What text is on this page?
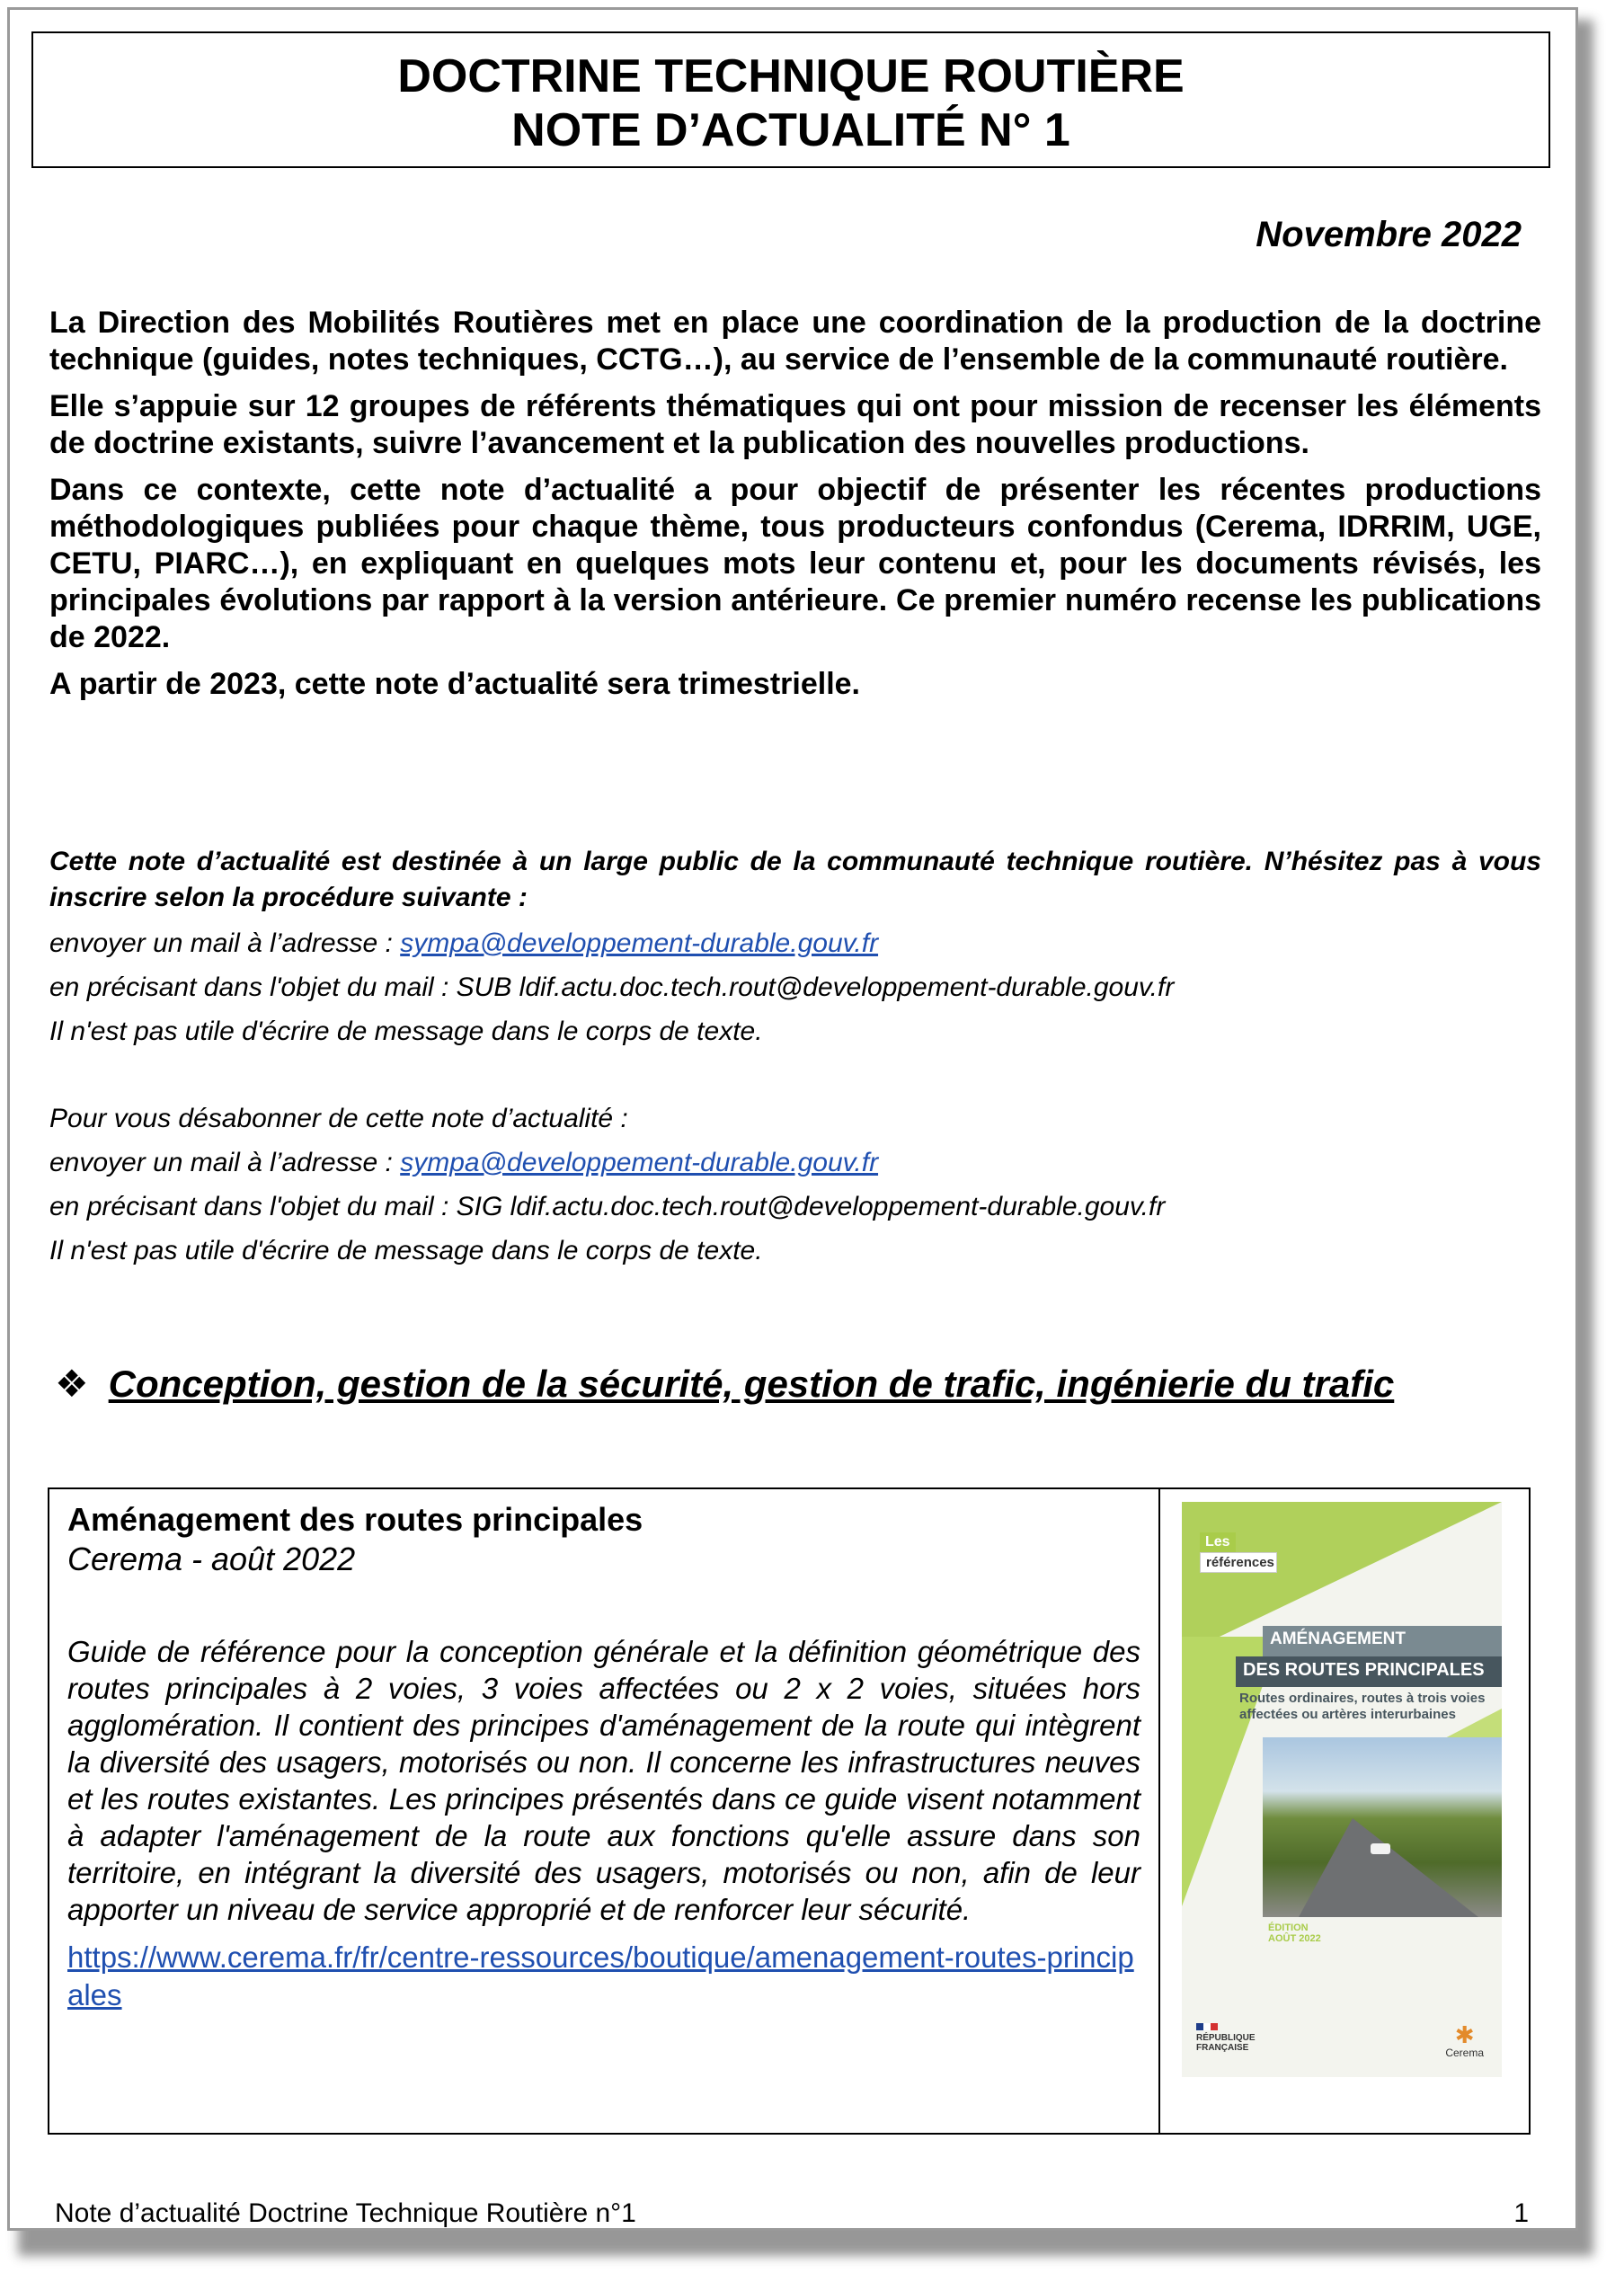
DOCTRINE TECHNIQUE ROUTIÈRE
NOTE D’ACTUALITÉ N° 1
Novembre 2022

La Direction des Mobilités Routières met en place une coordination de la production de la doctrine technique (guides, notes techniques, CCTG…), au service de l’ensemble de la communauté routière.

Elle s’appuie sur 12 groupes de référents thématiques qui ont pour mission de recenser les éléments de doctrine existants, suivre l’avancement et la publication des nouvelles productions.

Dans ce contexte, cette note d’actualité a pour objectif de présenter les récentes productions méthodologiques publiées pour chaque thème, tous producteurs confondus (Cerema, IDRRIM, UGE, CETU, PIARC…), en expliquant en quelques mots leur contenu et, pour les documents révisés, les principales évolutions par rapport à la version antérieure. Ce premier numéro recense les publications de 2022.

A partir de 2023, cette note d’actualité sera trimestrielle.

Cette note d’actualité est destinée à un large public de la communauté technique routière. N’hésitez pas à vous inscrire selon la procédure suivante :

envoyer un mail à l’adresse : sympa@developpement-durable.gouv.fr

en précisant dans l'objet du mail : SUB ldif.actu.doc.tech.rout@developpement-durable.gouv.fr

Il n'est pas utile d'écrire de message dans le corps de texte.

Pour vous désabonner de cette note d’actualité :

envoyer un mail à l’adresse : sympa@developpement-durable.gouv.fr

en précisant dans l'objet du mail : SIG ldif.actu.doc.tech.rout@developpement-durable.gouv.fr

Il n'est pas utile d'écrire de message dans le corps de texte.

❖ Conception, gestion de la sécurité, gestion de trafic, ingénierie du trafic
Aménagement des routes principales
Cerema - août 2022

Guide de référence pour la conception générale et la définition géométrique des routes principales à 2 voies, 3 voies affectées ou 2 x 2 voies, situées hors agglomération. Il contient des principes d'aménagement de la route qui intègrent la diversité des usagers, motorisés ou non. Il concerne les infrastructures neuves et les routes existantes. Les principes présentés dans ce guide visent notamment à adapter l'aménagement de la route aux fonctions qu'elle assure dans son territoire, en intégrant la diversité des usagers, motorisés ou non, afin de leur apporter un niveau de service approprié et de renforcer leur sécurité.

https://www.cerema.fr/fr/centre-ressources/boutique/amenagement-routes-principales
Les
références
AMÉNAGEMENT
DES ROUTES PRINCIPALES
Routes ordinaires, routes à trois voies affectées ou artères interurbaines
ÉDITION
AOÛT 2022
RÉPUBLIQUE
FRANÇAISE	✱
Cerema
Note d’actualité Doctrine Technique Routière n°1	1
